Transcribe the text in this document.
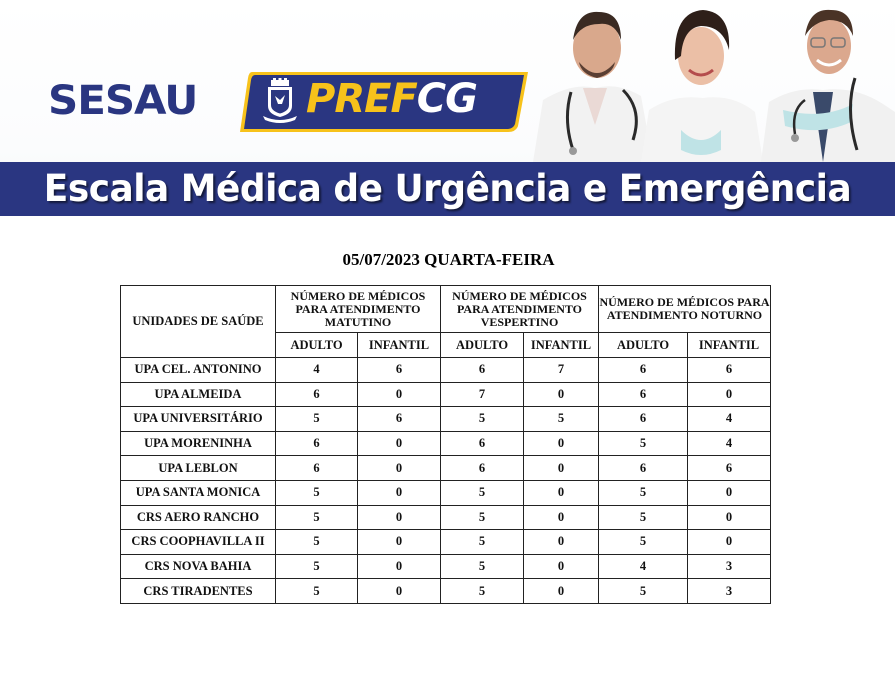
SESAU	PREFCG
Escala Médica de Urgência e Emergência
05/07/2023 QUARTA-FEIRA
UNIDADES DE SAÚDE	NÚMERO DE MÉDICOS PARA ATENDIMENTO MATUTINO		NÚMERO DE MÉDICOS PARA ATENDIMENTO VESPERTINO		NÚMERO DE MÉDICOS PARA ATENDIMENTO NOTURNO	
	ADULTO	INFANTIL	ADULTO	INFANTIL	ADULTO	INFANTIL
UPA CEL. ANTONINO	4	6	6	7	6	6
UPA ALMEIDA	6	0	7	0	6	0
UPA UNIVERSITÁRIO	5	6	5	5	6	4
UPA MORENINHA	6	0	6	0	5	4
UPA LEBLON	6	0	6	0	6	6
UPA SANTA MONICA	5	0	5	0	5	0
CRS AERO RANCHO	5	0	5	0	5	0
CRS COOPHAVILLA II	5	0	5	0	5	0
CRS NOVA BAHIA	5	0	5	0	4	3
CRS TIRADENTES	5	0	5	0	5	3
